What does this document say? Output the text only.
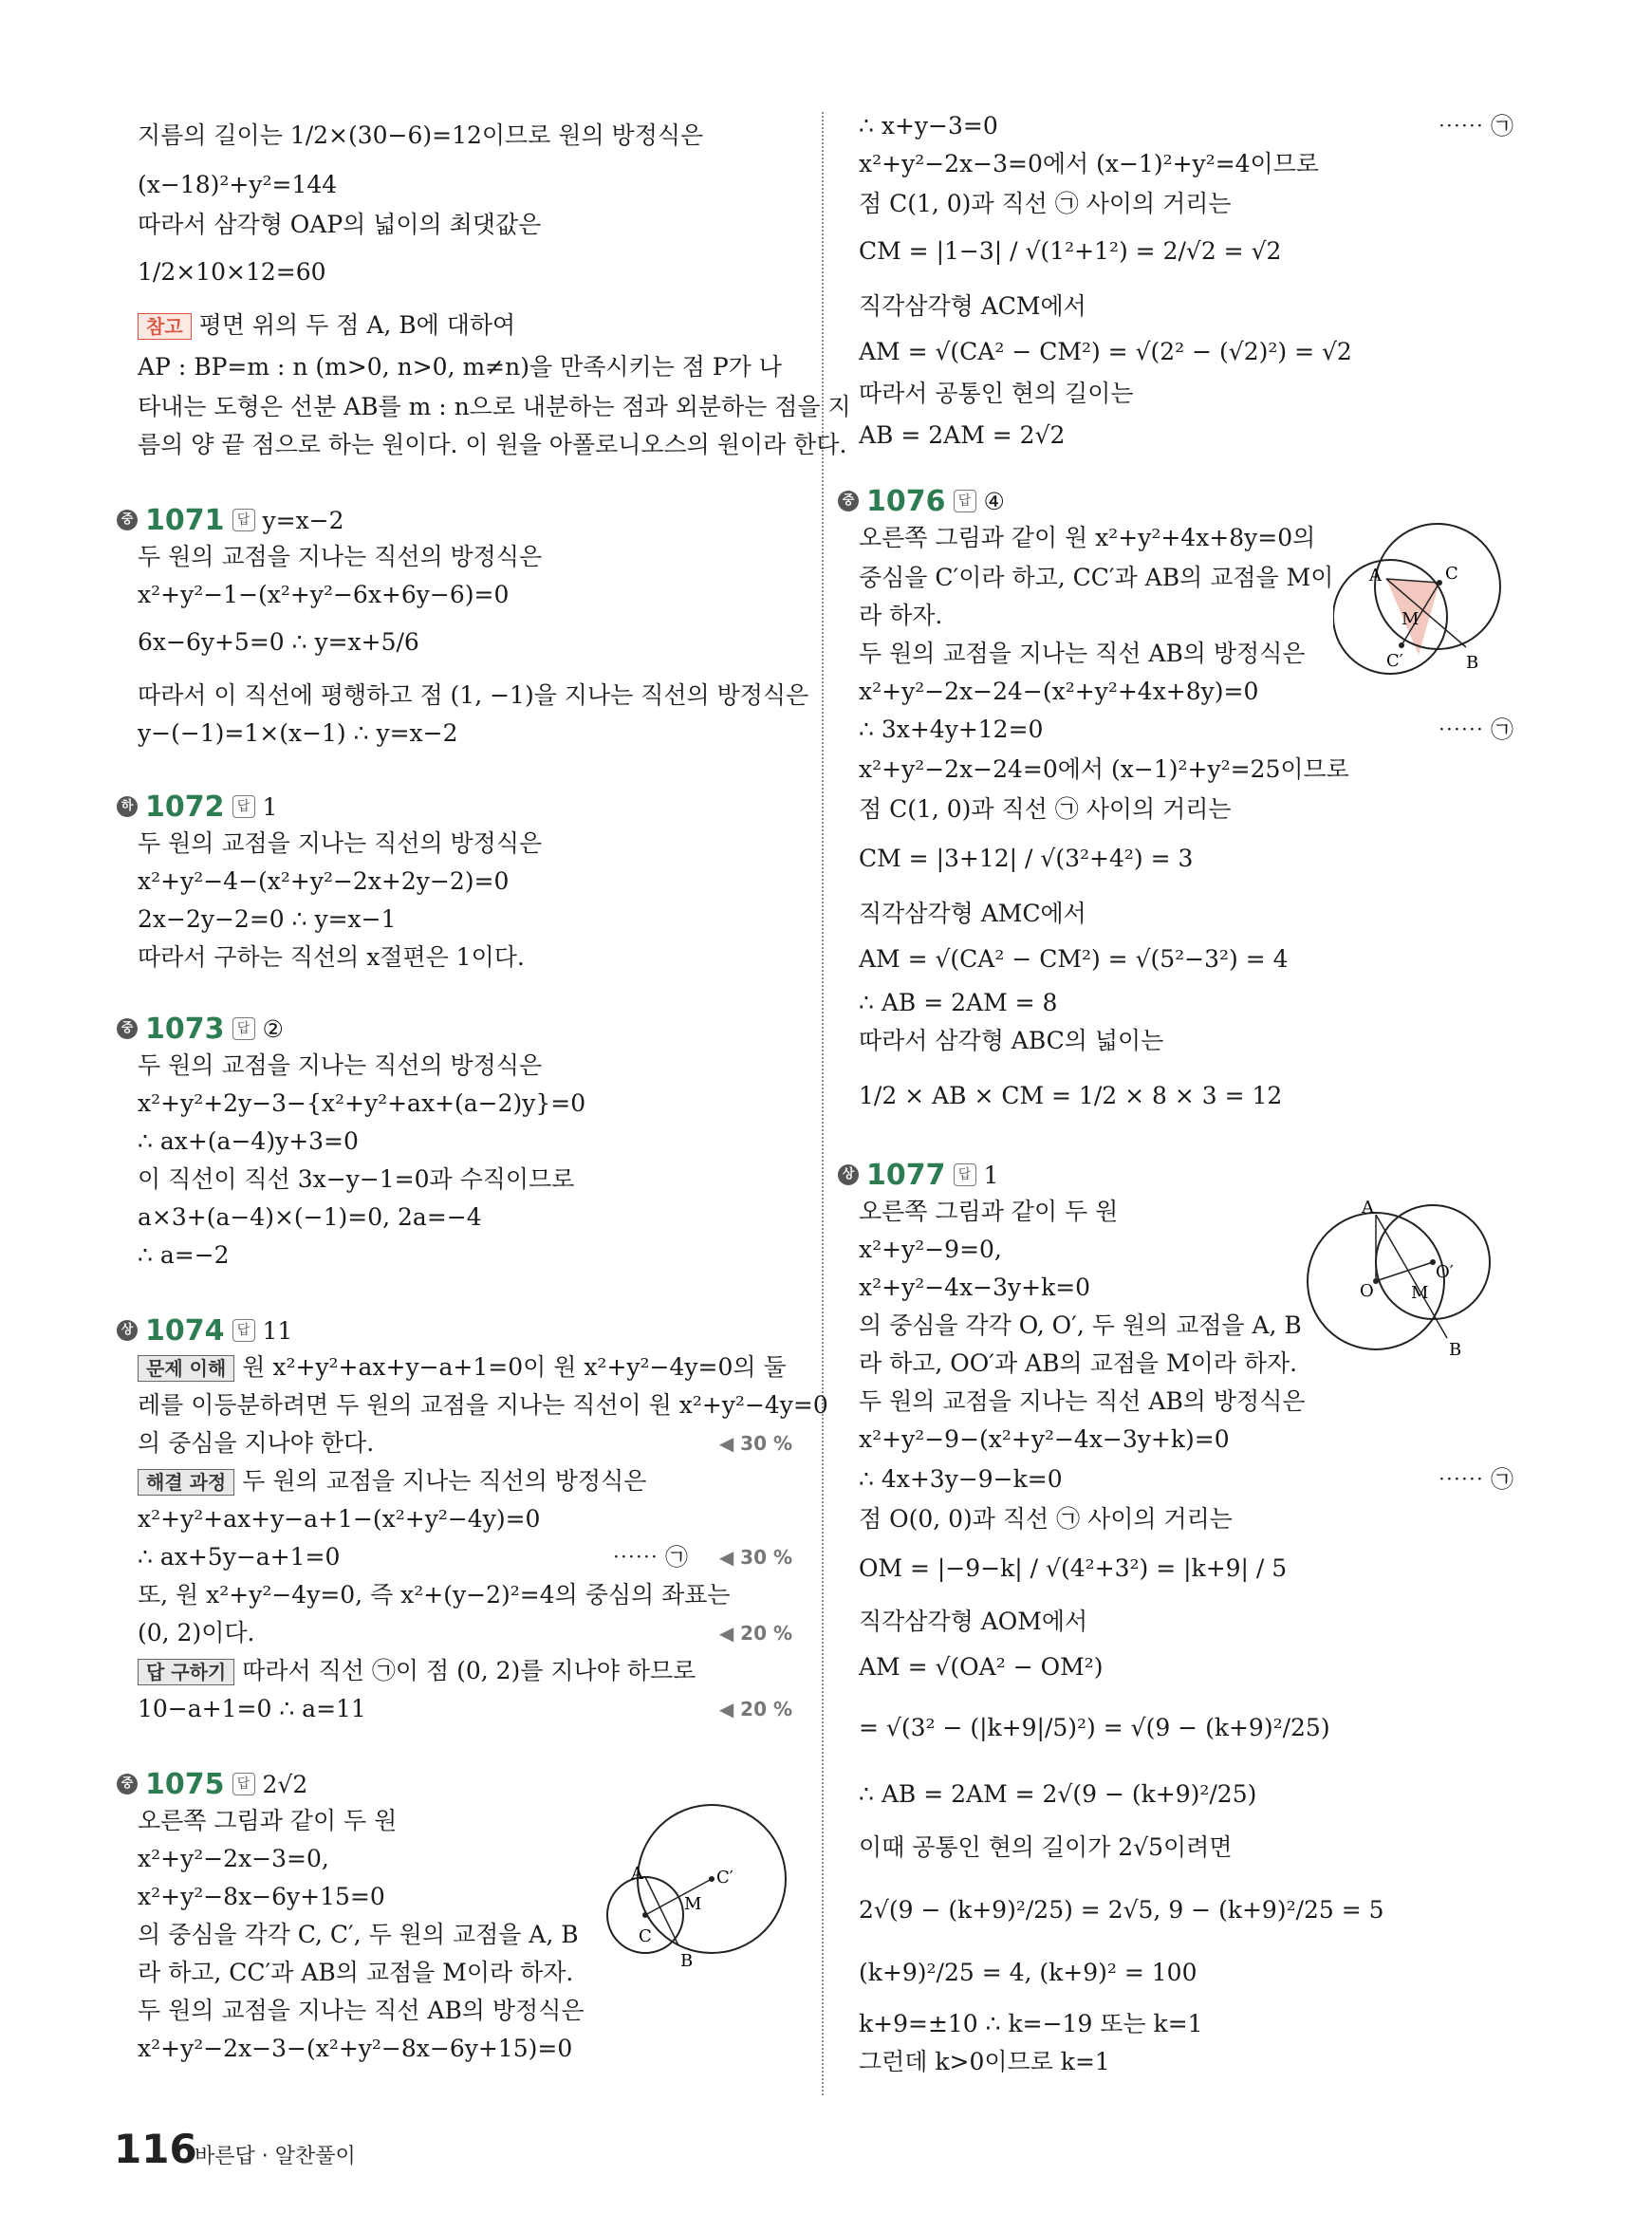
지름의 길이는 1/2×(30−6)=12이므로 원의 방정식은
(x−18)²+y²=144
따라서 삼각형 OAP의 넓이의 최댓값은
1/2×10×12=60
참고 평면 위의 두 점 A, B에 대하여
AP : BP=m : n (m>0, n>0, m≠n)을 만족시키는 점 P가 나
타내는 도형은 선분 AB를 m : n으로 내분하는 점과 외분하는 점을 지
름의 양 끝 점으로 하는 원이다. 이 원을 아폴로니오스의 원이라 한다.
중 1071 답 y=x−2
두 원의 교점을 지나는 직선의 방정식은
x²+y²−1−(x²+y²−6x+6y−6)=0
6x−6y+5=0 ∴ y=x+5/6
따라서 이 직선에 평행하고 점 (1, −1)을 지나는 직선의 방정식은
y−(−1)=1×(x−1) ∴ y=x−2
하 1072 답 1
두 원의 교점을 지나는 직선의 방정식은
x²+y²−4−(x²+y²−2x+2y−2)=0
2x−2y−2=0 ∴ y=x−1
따라서 구하는 직선의 x절편은 1이다.
중 1073 답 ②
두 원의 교점을 지나는 직선의 방정식은
x²+y²+2y−3−{x²+y²+ax+(a−2)y}=0
∴ ax+(a−4)y+3=0
이 직선이 직선 3x−y−1=0과 수직이므로
a×3+(a−4)×(−1)=0, 2a=−4
∴ a=−2
상 1074 답 11
문제 이해 원 x²+y²+ax+y−a+1=0이 원 x²+y²−4y=0의 둘
레를 이등분하려면 두 원의 교점을 지나는 직선이 원 x²+y²−4y=0
의 중심을 지나야 한다.	◀ 30 %
해결 과정 두 원의 교점을 지나는 직선의 방정식은
x²+y²+ax+y−a+1−(x²+y²−4y)=0
∴ ax+5y−a+1=0	⋯⋯ ㉠ ◀ 30 %
또, 원 x²+y²−4y=0, 즉 x²+(y−2)²=4의 중심의 좌표는
(0, 2)이다.	◀ 20 %
답 구하기 따라서 직선 ㉠이 점 (0, 2)를 지나야 하므로
10−a+1=0 ∴ a=11	◀ 20 %
중 1075 답 2√2
오른쪽 그림과 같이 두 원
x²+y²−2x−3=0,
x²+y²−8x−6y+15=0
의 중심을 각각 C, C′, 두 원의 교점을 A, B
라 하고, CC′과 AB의 교점을 M이라 하자.
두 원의 교점을 지나는 직선 AB의 방정식은
x²+y²−2x−3−(x²+y²−8x−6y+15)=0
A
B
C
C′
M
∴ x+y−3=0	⋯⋯ ㉠
x²+y²−2x−3=0에서 (x−1)²+y²=4이므로
점 C(1, 0)과 직선 ㉠ 사이의 거리는
CM = |1−3| / √(1²+1²) = 2/√2 = √2
직각삼각형 ACM에서
AM = √(CA² − CM²) = √(2² − (√2)²) = √2
따라서 공통인 현의 길이는
AB = 2AM = 2√2
중 1076 답 ④
오른쪽 그림과 같이 원 x²+y²+4x+8y=0의
중심을 C′이라 하고, CC′과 AB의 교점을 M이
라 하자.
두 원의 교점을 지나는 직선 AB의 방정식은
x²+y²−2x−24−(x²+y²+4x+8y)=0
∴ 3x+4y+12=0	⋯⋯ ㉠
x²+y²−2x−24=0에서 (x−1)²+y²=25이므로
점 C(1, 0)과 직선 ㉠ 사이의 거리는
CM = |3+12| / √(3²+4²) = 3
직각삼각형 AMC에서
AM = √(CA² − CM²) = √(5²−3²) = 4
∴ AB = 2AM = 8
따라서 삼각형 ABC의 넓이는
1/2 × AB × CM = 1/2 × 8 × 3 = 12
A
B
C
C′
M
상 1077 답 1
오른쪽 그림과 같이 두 원
x²+y²−9=0,
x²+y²−4x−3y+k=0
의 중심을 각각 O, O′, 두 원의 교점을 A, B
라 하고, OO′과 AB의 교점을 M이라 하자.
두 원의 교점을 지나는 직선 AB의 방정식은
x²+y²−9−(x²+y²−4x−3y+k)=0
∴ 4x+3y−9−k=0	⋯⋯ ㉠
점 O(0, 0)과 직선 ㉠ 사이의 거리는
OM = |−9−k| / √(4²+3²) = |k+9| / 5
직각삼각형 AOM에서
AM = √(OA² − OM²)
= √(3² − (|k+9|/5)²) = √(9 − (k+9)²/25)
∴ AB = 2AM = 2√(9 − (k+9)²/25)
이때 공통인 현의 길이가 2√5이려면
2√(9 − (k+9)²/25) = 2√5, 9 − (k+9)²/25 = 5
(k+9)²/25 = 4, (k+9)² = 100
k+9=±10 ∴ k=−19 또는 k=1
그런데 k>0이므로 k=1
A
B
O
O′
M
116
바른답 · 알찬풀이
